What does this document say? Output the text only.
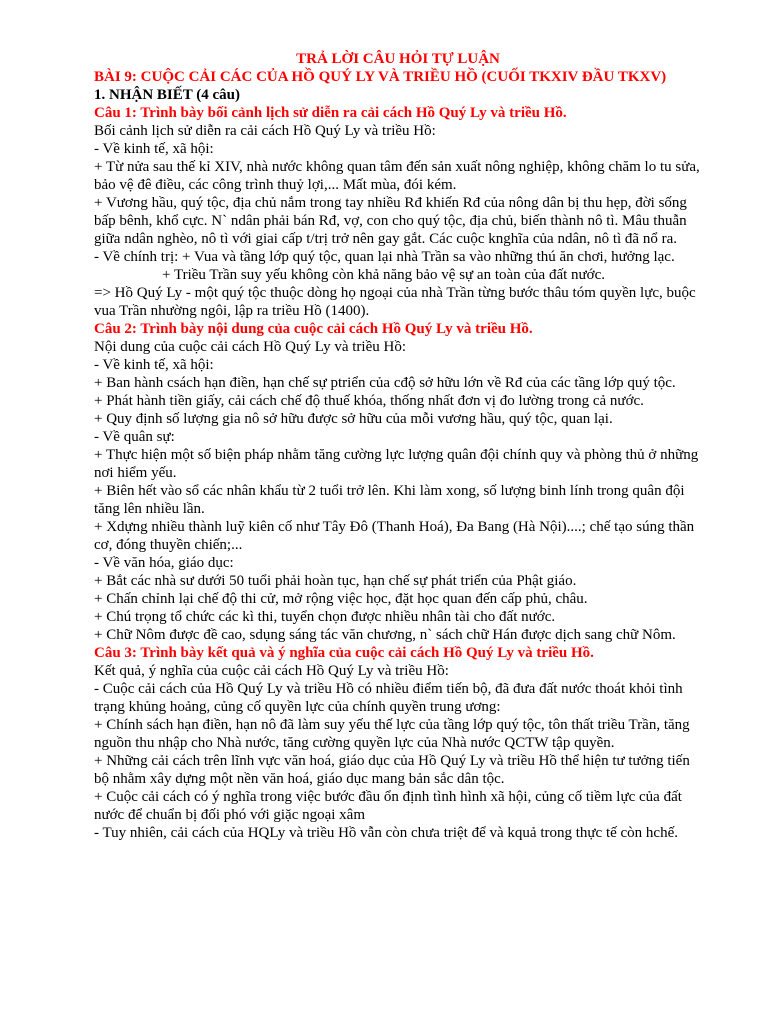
TRẢ LỜI CÂU HỎI TỰ LUẬN

BÀI 9: CUỘC CẢI CÁC CỦA HỒ QUÝ LY VÀ TRIỀU HỒ (CUỐI TKXIV ĐẦU TKXV)

1. NHẬN BIẾT (4 câu)

Câu 1: Trình bày bối cảnh lịch sử diễn ra cải cách Hồ Quý Ly và triều Hồ.

Bối cảnh lịch sử diễn ra cải cách Hồ Quý Ly và triều Hồ:

- Về kinh tế, xã hội:

+ Từ nửa sau thế kỉ XIV, nhà nước không quan tâm đến sản xuất nông nghiệp, không chăm lo tu sửa, bảo vệ đê điều, các công trình thuỷ lợi,... Mất mùa, đói kém.

+ Vương hầu, quý tộc, địa chủ nắm trong tay nhiều Rđ khiến Rđ của nông dân bị thu hẹp, đời sống bấp bênh, khổ cực. N` ndân phải bán Rđ, vợ, con cho quý tộc, địa chủ, biến thành nô tì. Mâu thuẫn giữa ndân nghèo, nô tì với giai cấp t/trị trở nên gay gắt. Các cuộc knghĩa của ndân, nô tì đã nổ ra.

- Về chính trị: + Vua và tầng lớp quý tộc, quan lại nhà Trần sa vào những thú ăn chơi, hưởng lạc.

+ Triều Trần suy yếu không còn khả năng bảo vệ sự an toàn của đất nước.

=> Hồ Quý Ly - một quý tộc thuộc dòng họ ngoại của nhà Trần từng bước thâu tóm quyền lực, buộc vua Trần nhường ngôi, lập ra triều Hồ (1400).

Câu 2: Trình bày nội dung của cuộc cải cách Hồ Quý Ly và triều Hồ.

Nội dung của cuộc cải cách Hồ Quý Ly và triều Hồ:

- Về kinh tế, xã hội:

+ Ban hành csách hạn điền, hạn chế sự ptriển của cđộ sở hữu lớn về Rđ của các tầng lớp quý tộc.

+ Phát hành tiền giấy, cải cách chế độ thuế khóa, thống nhất đơn vị đo lường trong cả nước.

+ Quy định số lượng gia nô sở hữu được sở hữu của mỗi vương hầu, quý tộc, quan lại.

- Về quân sự:

+ Thực hiện một số biện pháp nhằm tăng cường lực lượng quân đội chính quy và phòng thủ ở những nơi hiểm yếu.

+ Biên hết vào sổ các nhân khẩu từ 2 tuổi trở lên. Khi làm xong, số lượng binh lính trong quân đội tăng lên nhiều lần.

+ Xdựng nhiều thành luỹ kiên cố như Tây Đô (Thanh Hoá), Đa Bang (Hà Nội)....; chế tạo súng thần cơ, đóng thuyền chiến;...

- Về văn hóa, giáo dục:

+ Bắt các nhà sư dưới 50 tuổi phải hoàn tục, hạn chế sự phát triển của Phật giáo.

+ Chấn chỉnh lại chế độ thi cử, mở rộng việc học, đặt học quan đến cấp phủ, châu.

+ Chú trọng tổ chức các kì thi, tuyển chọn được nhiều nhân tài cho đất nước.

+ Chữ Nôm được đề cao, sdụng sáng tác văn chương, n` sách chữ Hán được dịch sang chữ Nôm.

Câu 3: Trình bày kết quả và ý nghĩa của cuộc cải cách Hồ Quý Ly và triều Hồ.

Kết quả, ý nghĩa của cuộc cải cách Hồ Quý Ly và triều Hồ:

- Cuộc cải cách của Hồ Quý Ly và triều Hồ có nhiều điểm tiến bộ, đã đưa đất nước thoát khỏi tình trạng khủng hoảng, củng cố quyền lực của chính quyền trung ương:

+ Chính sách hạn điền, hạn nô đã làm suy yếu thế lực của tầng lớp quý tộc, tôn thất triều Trần, tăng nguồn thu nhập cho Nhà nước, tăng cường quyền lực của Nhà nước QCTW tập quyền.

+ Những cải cách trên lĩnh vực văn hoá, giáo dục của Hồ Quý Ly và triều Hồ thể hiện tư tưởng tiến bộ nhằm xây dựng một nền văn hoá, giáo dục mang bản sắc dân tộc.

+ Cuộc cải cách có ý nghĩa trong việc bước đầu ổn định tình hình xã hội, củng cố tiềm lực của đất nước để chuẩn bị đối phó với giặc ngoại xâm

- Tuy nhiên, cải cách của HQLy và triều Hồ vẫn còn chưa triệt để và kquả trong thực tế còn hchế.
